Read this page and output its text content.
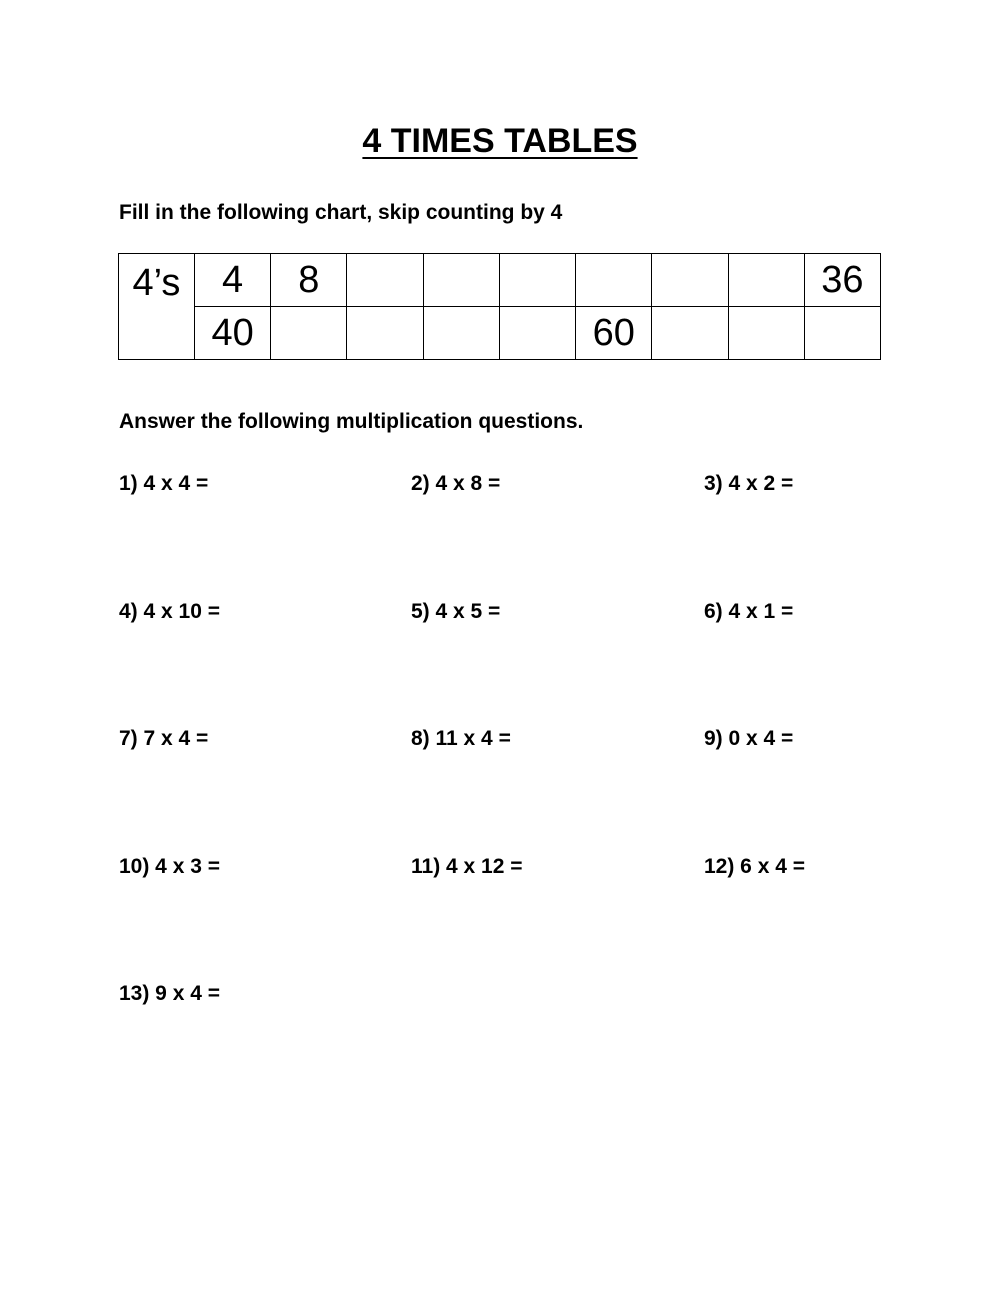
4 TIMES TABLES

Fill in the following chart, skip counting by 4

4’s	4	8							36
	40					60			

Answer the following multiplication questions.

1) 4 x 4 =	2) 4 x 8 =	3) 4 x 2 =
4) 4 x 10 =	5) 4 x 5 =	6) 4 x 1 =
7) 7 x 4 =	8) 11 x 4 =	9) 0 x 4 =
10) 4 x 3 =	11) 4 x 12 =	12) 6 x 4 =
13) 9 x 4 =
